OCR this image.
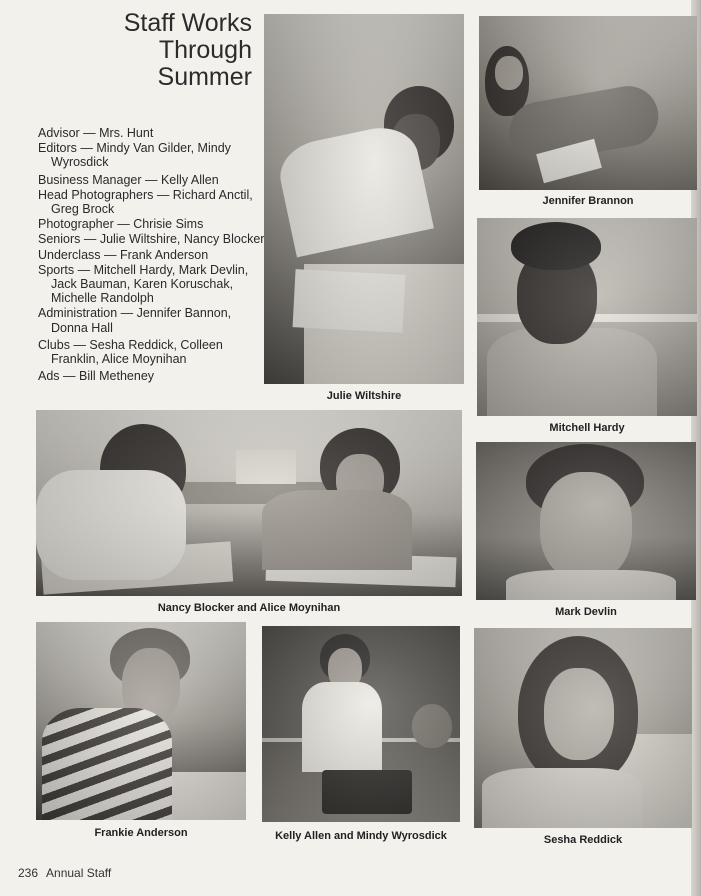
Staff Works
Through
Summer
Advisor — Mrs. Hunt
Editors — Mindy Van Gilder, Mindy Wyrosdick
Business Manager — Kelly Allen
Head Photographers — Richard Anctil, Greg Brock
Photographer — Chrisie Sims
Seniors — Julie Wiltshire, Nancy Blocker
Underclass — Frank Anderson
Sports — Mitchell Hardy, Mark Devlin, Jack Bauman, Karen Koruschak, Michelle Randolph
Administration — Jennifer Bannon, Donna Hall
Clubs — Sesha Reddick, Colleen Franklin, Alice Moynihan
Ads — Bill Metheney
Julie Wiltshire
Jennifer Brannon
Mitchell Hardy
Nancy Blocker and Alice Moynihan	Mark Devlin
Frankie Anderson	Kelly Allen and Mindy Wyrosdick	Sesha Reddick
236 Annual Staff
